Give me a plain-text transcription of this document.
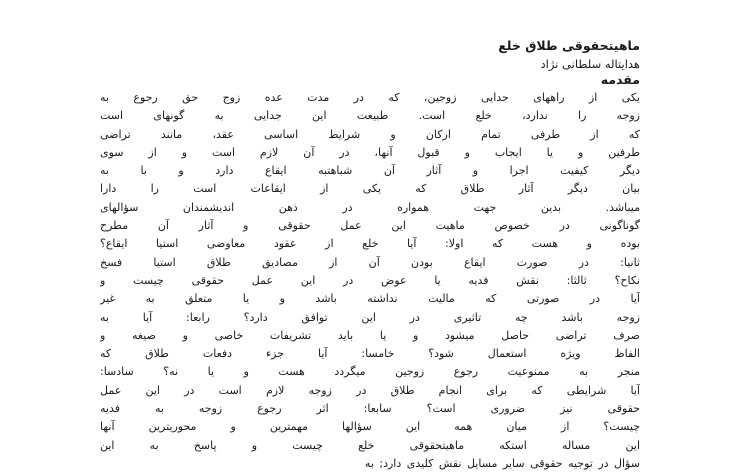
ماهیتحقوقی طلاق خلع
هدایتاله سلطانی نژاد
مقدمه
یکی از راههای جدایی زوجین، که در مدت عده زوج حق رجوع به
زوجه را ندارد، خلع است. طبیعت این جدایی به گونهای است
که از طرفی تمام ارکان و شرایط اساسی عقد، مانند تراضی
طرفین و یا ایجاب و قبول آنها، در آن لازم است و از سوی
دیگر کیفیت اجرا و آثار آن شباهتبه ایقاع دارد و با به
بیان دیگر آثار طلاق که یکی از ایقاعات است را دارا
میباشد. بدین جهت همواره در ذهن اندیشمندان سؤالهای
گوناگونی در خصوص ماهیت این عمل حقوقی و آثار آن مطرح
بوده و هست که اولا: آیا خلع از عقود معاوضی استیا ایقاع؟
ثانیا: در صورت ایقاع بودن آن از مصادیق طلاق استیا فسخ
نکاح؟ ثالثا: نقش فدیه یا عوض در این عمل حقوقی چیست و
آیا در صورتی که مالیت نداشته باشد و یا متعلق به غیر
زوجه باشد چه تاثیری در این توافق دارد؟ رابعا: آیا به
صرف تراضی حاصل میشود و یا باید تشریفات خاصی و صیغه و
الفاظ ویژه استعمال شود؟ خامسا: آیا جزء دفعات طلاق که
منجر به ممنوعیت رجوع زوجین میگردد هست و یا نه؟ سادسا:
آیا شرایطی که برای انجام طلاق در زوجه لازم است در این عمل
حقوقی نیز ضروری است؟ سابعا: اثر رجوع زوجه به فدیه
چیست؟ از میان همه این سؤالها مهمترین و محوریترین آنها
این مساله استکه ماهیتحقوقی خلع چیست و پاسخ به این
سؤال در توجیه حقوقی سایر مسایل نقش کلیدی دارد; به
